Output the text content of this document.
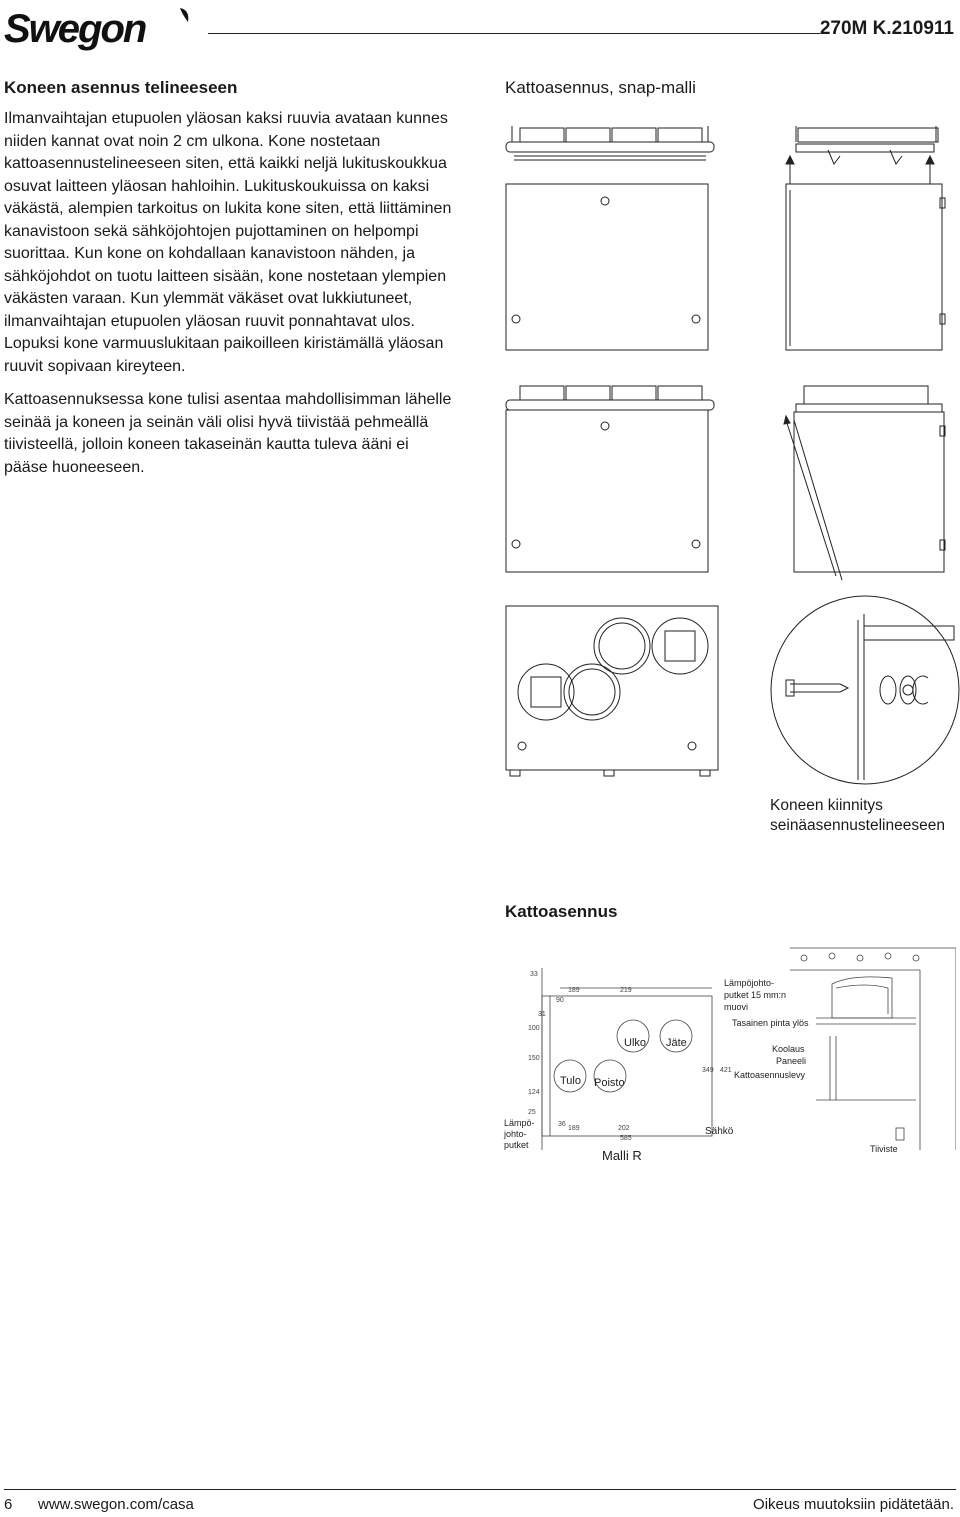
Swegon	270M K.210911
Koneen asennus telineeseen

Ilmanvaihtajan etupuolen yläosan kaksi ruuvia avataan kunnes niiden kannat ovat noin 2 cm ulkona. Kone nostetaan kattoasennustelineeseen siten, että kaikki neljä lukituskoukkua osuvat laitteen yläosan hahloihin. Lukituskoukuissa on kaksi väkästä, alempien tarkoitus on lukita kone siten, että liittäminen kanavistoon sekä sähköjohtojen pujottaminen on helpompi suorittaa. Kun kone on kohdallaan kanavistoon nähden, ja sähköjohdot on tuotu laitteen sisään, kone nostetaan ylempien väkästen varaan. Kun ylemmät väkäset ovat lukkiutuneet, ilmanvaihtajan etupuolen yläosan ruuvit ponnahtavat ulos. Lopuksi kone varmuuslukitaan paikoilleen kiristämällä yläosan ruuvit sopivaan kireyteen.

Kattoasennuksessa kone tulisi asentaa mahdollisimman lähelle seinää ja koneen ja seinän väli olisi hyvä tiivistää pehmeällä tiivisteellä, jolloin koneen takaseinän kautta tuleva ääni ei pääse huoneeseen.

Kattoasennus, snap-malli
Kattoasennus
Koneen kiinnitys
seinäasennustelineeseen
33
189	219
90
31
100
150
124
349 421
25
36
189	202
585
Ulko Jäte
Tulo Poisto
Lämpö-
johto-
putket
Sähkö
Malli R
Lämpöjohto-
putket 15 mm:n
muovi
Tasainen pinta ylös
Koolaus
Paneeli
Kattoasennuslevy
Tiiviste
6 www.swegon.com/casa	Oikeus muutoksiin pidätetään.
